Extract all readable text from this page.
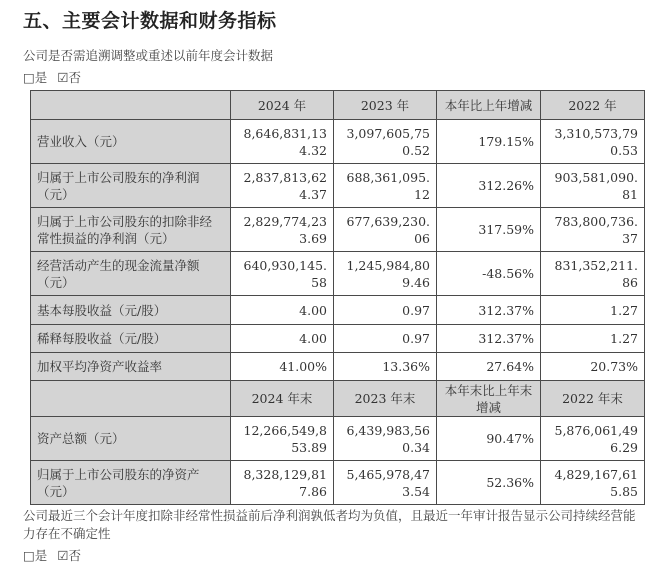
五、主要会计数据和财务指标
公司是否需追溯调整或重述以前年度会计数据
□是 ☑否
	2024 年	2023 年	本年比上年增减	2022 年
营业收入（元）	8,646,831,134.32	3,097,605,750.52	179.15%	3,310,573,790.53
归属于上市公司股东的净利润（元）	2,837,813,624.37	688,361,095.12	312.26%	903,581,090.81
归属于上市公司股东的扣除非经常性损益的净利润（元）	2,829,774,233.69	677,639,230.06	317.59%	783,800,736.37
经营活动产生的现金流量净额（元）	640,930,145.58	1,245,984,809.46	-48.56%	831,352,211.86
基本每股收益（元/股）	4.00	0.97	312.37%	1.27
稀释每股收益（元/股）	4.00	0.97	312.37%	1.27
加权平均净资产收益率	41.00%	13.36%	27.64%	20.73%
	2024 年末	2023 年末	本年末比上年末增减	2022 年末
资产总额（元）	12,266,549,853.89	6,439,983,560.34	90.47%	5,876,061,496.29
归属于上市公司股东的净资产（元）	8,328,129,817.86	5,465,978,473.54	52.36%	4,829,167,615.85
公司最近三个会计年度扣除非经常性损益前后净利润孰低者均为负值，且最近一年审计报告显示公司持续经营能力存在不确定性
□是 ☑否
